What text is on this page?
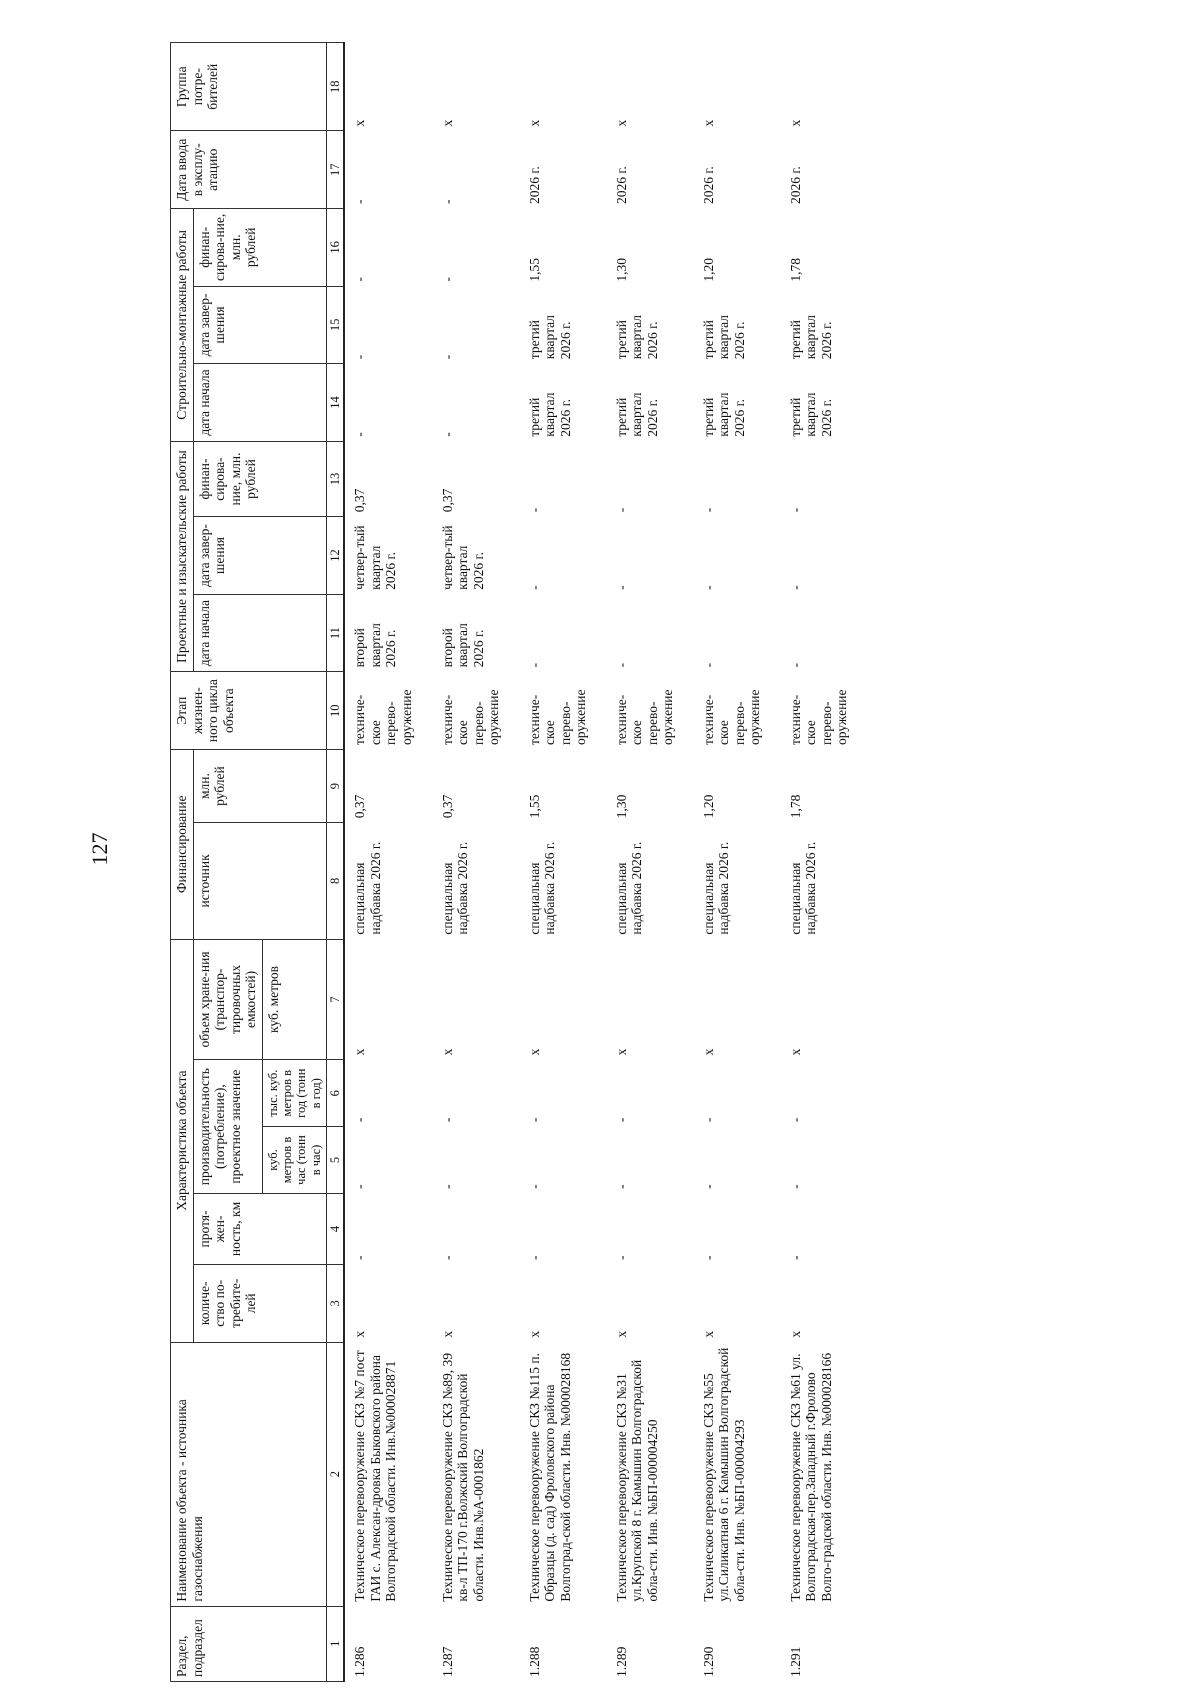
127
Раздел, подраздел	Наименование объекта - источника газоснабжения	Характеристика объекта					Финансирование		Этап жизнен-ного цикла объекта	Проектные и изыскательские работы			Строительно-монтажные работы			Дата ввода в эксплу-атацию	Группа потре-бителей
		количе-ство по-требите-лей	протя-жен-ность, км	производительность (потребление), проектное значение		объем хране-ния (транспор-тировочных емкостей)	источник	млн. рублей		дата начала	дата завер-шения	финан-сирова-ние, млн. рублей	дата начала	дата завер-шения	финан-сирова-ние, млн. рублей		
				куб. метров в час (тонн в час)	тыс. куб. метров в год (тонн в год)	куб. метров											
1	2	3	4	5	6	7	8	9	10	11	12	13	14	15	16	17	18
1.286	Техническое перевооружение СКЗ №7 пост ГАИ с. Алексан-дровка Быковского района Волгоградской области. Инв.№000028871	x	-	-	-	x	специальная надбавка 2026 г.	0,37	техниче-ское перево-оружение	второй квартал 2026 г.	четвер-тый квартал 2026 г.	0,37	-	-	-	-	x
1.287	Техническое перевооружение СКЗ №89, 39 кв-л ТП-170 г.Волжский Волгоградской области. Инв.№А-0001862	x	-	-	-	x	специальная надбавка 2026 г.	0,37	техниче-ское перево-оружение	второй квартал 2026 г.	четвер-тый квартал 2026 г.	0,37	-	-	-	-	x
1.288	Техническое перевооружение СКЗ №115 п. Образцы (д. сад) Фроловского района Волгоград-ской области. Инв. №000028168	x	-	-	-	x	специальная надбавка 2026 г.	1,55	техниче-ское перево-оружение	-	-	-	третий квартал 2026 г.	третий квартал 2026 г.	1,55	2026 г.	x
1.289	Техническое перевооружение СКЗ №31 ул.Крупской 8 г. Камышин Волгоградской обла-сти. Инв. №БП-000004250	x	-	-	-	x	специальная надбавка 2026 г.	1,30	техниче-ское перево-оружение	-	-	-	третий квартал 2026 г.	третий квартал 2026 г.	1,30	2026 г.	x
1.290	Техническое перевооружение СКЗ №55 ул.Силикатная 6 г. Камышин Волгоградской обла-сти. Инв. №БП-000004293	x	-	-	-	x	специальная надбавка 2026 г.	1,20	техниче-ское перево-оружение	-	-	-	третий квартал 2026 г.	третий квартал 2026 г.	1,20	2026 г.	x
1.291	Техническое перевооружение СКЗ №61 ул. Волгоградская-пер.Западный г.Фролово Волго-градской области. Инв. №000028166	x	-	-	-	x	специальная надбавка 2026 г.	1,78	техниче-ское перево-оружение	-	-	-	третий квартал 2026 г.	третий квартал 2026 г.	1,78	2026 г.	x
